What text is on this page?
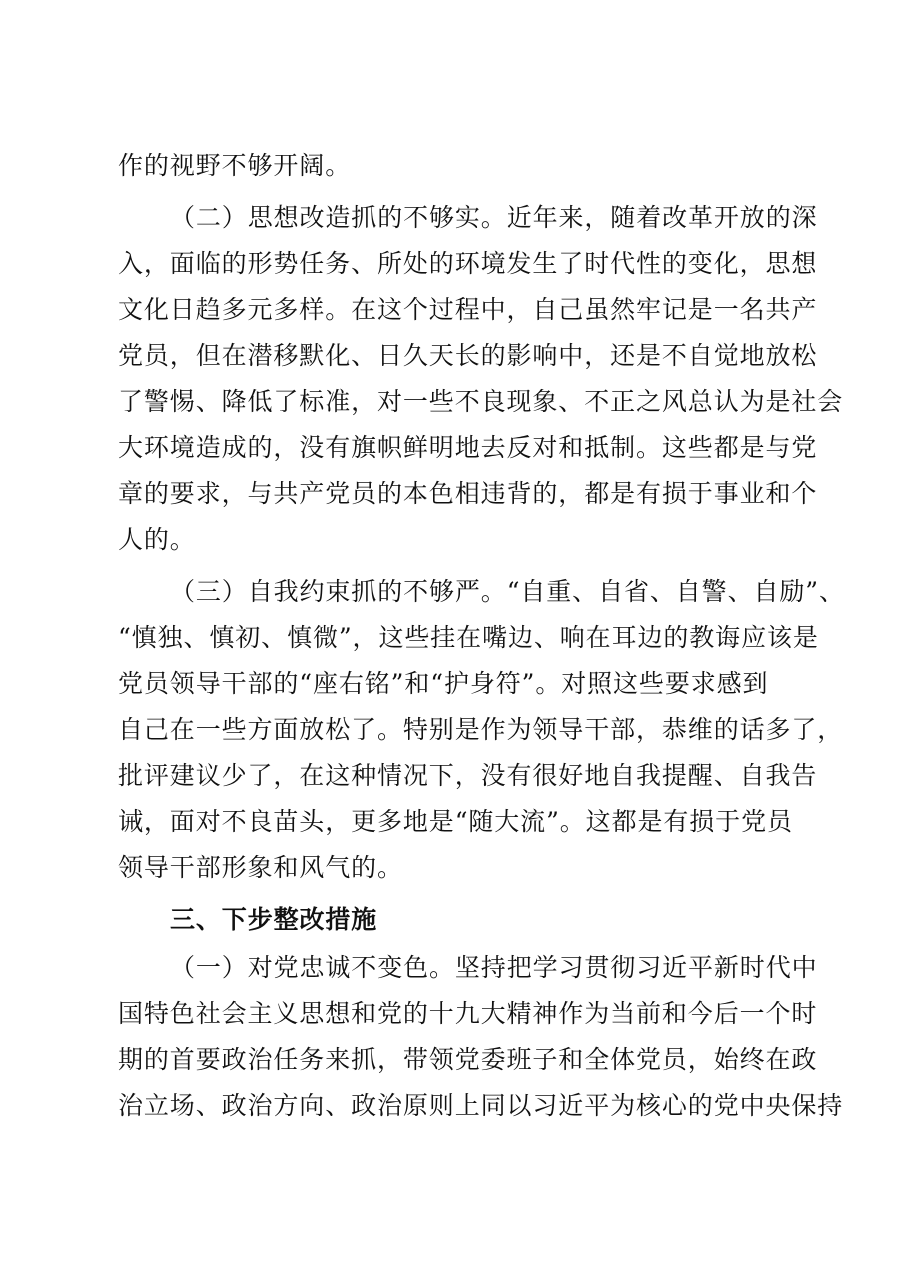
作的视野不够开阔。
（二）思想改造抓的不够实。近年来，随着改革开放的深
入，面临的形势任务、所处的环境发生了时代性的变化，思想
文化日趋多元多样。在这个过程中，自己虽然牢记是一名共产
党员，但在潜移默化、日久天长的影响中，还是不自觉地放松
了警惕、降低了标准，对一些不良现象、不正之风总认为是社会
大环境造成的，没有旗帜鲜明地去反对和抵制。这些都是与党
章的要求，与共产党员的本色相违背的，都是有损于事业和个
人的。
（三）自我约束抓的不够严。“自重、自省、自警、自励”、
“慎独、慎初、慎微”，这些挂在嘴边、响在耳边的教诲应该是
党员领导干部的“座右铭”和“护身符”。对照这些要求感到
自己在一些方面放松了。特别是作为领导干部，恭维的话多了，
批评建议少了，在这种情况下，没有很好地自我提醒、自我告
诫，面对不良苗头，更多地是“随大流”。这都是有损于党员
领导干部形象和风气的。
三、下步整改措施
（一）对党忠诚不变色。坚持把学习贯彻习近平新时代中
国特色社会主义思想和党的十九大精神作为当前和今后一个时
期的首要政治任务来抓，带领党委班子和全体党员，始终在政
治立场、政治方向、政治原则上同以习近平为核心的党中央保持
